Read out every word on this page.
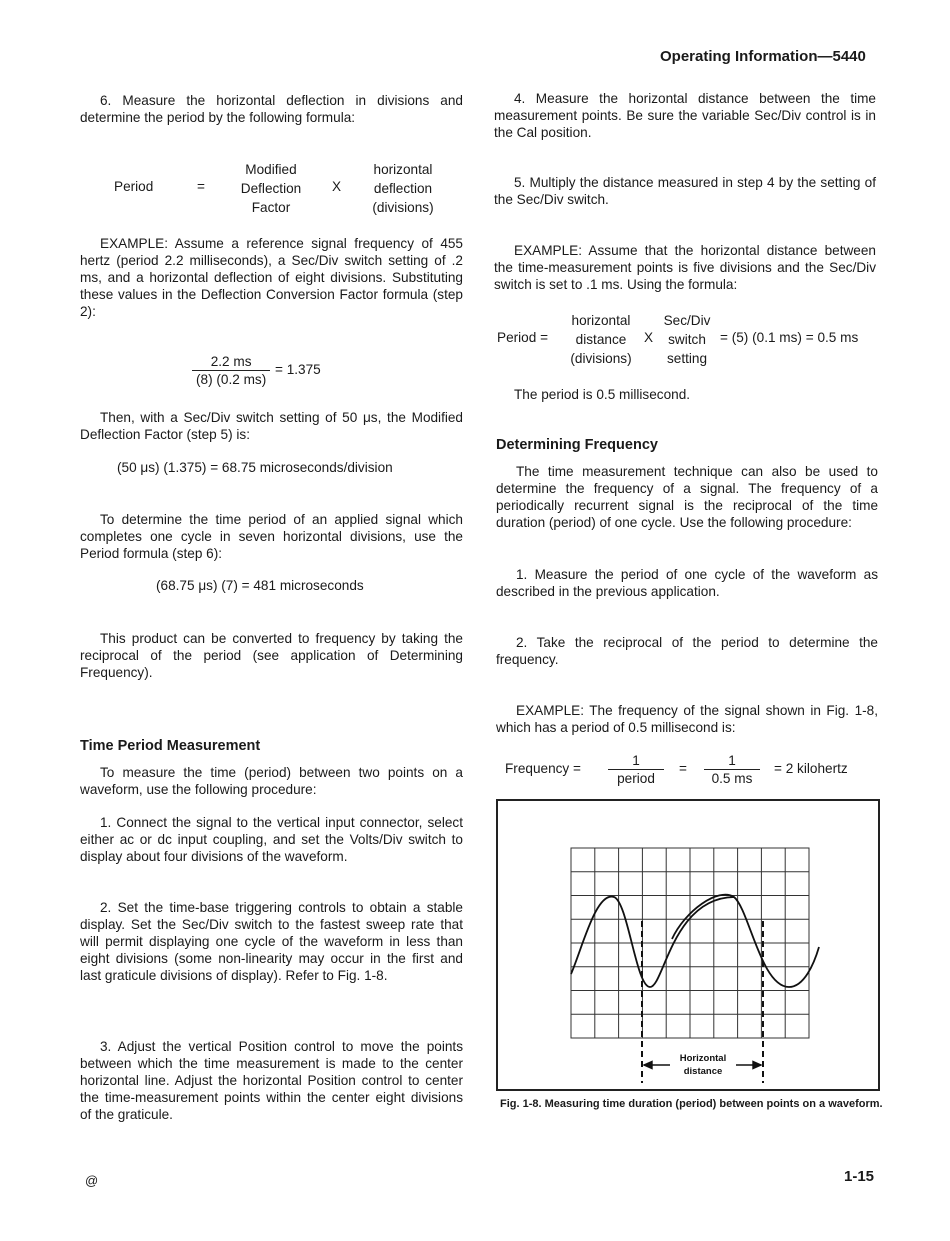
Operating Information—5440

6. Measure the horizontal deflection in divisions and determine the period by the following formula:

Period	=
Modified
Deflection
Factor
X
horizontal
deflection
(divisions)

EXAMPLE: Assume a reference signal frequency of 455 hertz (period 2.2 milliseconds), a Sec/Div switch setting of .2 ms, and a horizontal deflection of eight divisions. Substituting these values in the Deflection Conversion Factor formula (step 2):

$\frac{2.2 ms}{(8) (0.2 ms)} = 1.375$

Then, with a Sec/Div switch setting of 50 μs, the Modified Deflection Factor (step 5) is:

(50 μs) (1.375) = 68.75 microseconds/division

To determine the time period of an applied signal which completes one cycle in seven horizontal divisions, use the Period formula (step 6):

(68.75 μs) (7) = 481 microseconds

This product can be converted to frequency by taking the reciprocal of the period (see application of Determining Frequency).

Time Period Measurement

To measure the time (period) between two points on a waveform, use the following procedure:

1. Connect the signal to the vertical input connector, select either ac or dc input coupling, and set the Volts/Div switch to display about four divisions of the waveform.

2. Set the time-base triggering controls to obtain a stable display. Set the Sec/Div switch to the fastest sweep rate that will permit displaying one cycle of the waveform in less than eight divisions (some non-linearity may occur in the first and last graticule divisions of display). Refer to Fig. 1-8.

3. Adjust the vertical Position control to move the points between which the time measurement is made to the center horizontal line. Adjust the horizontal Position control to center the time-measurement points within the center eight divisions of the graticule.

4. Measure the horizontal distance between the time measurement points. Be sure the variable Sec/Div control is in the Cal position.

5. Multiply the distance measured in step 4 by the setting of the Sec/Div switch.

EXAMPLE: Assume that the horizontal distance between the time-measurement points is five divisions and the Sec/Div switch is set to .1 ms. Using the formula:

Period =
horizontal
distance
(divisions)
X
Sec/Div
switch
setting
= (5) (0.1 ms) = 0.5 ms

The period is 0.5 millisecond.

Determining Frequency

The time measurement technique can also be used to determine the frequency of a signal. The frequency of a periodically recurrent signal is the reciprocal of the time duration (period) of one cycle. Use the following procedure:

1. Measure the period of one cycle of the waveform as described in the previous application.

2. Take the reciprocal of the period to determine the frequency.

EXAMPLE: The frequency of the signal shown in Fig. 1-8, which has a period of 0.5 millisecond is:

Frequency =
1
period
= $\frac{1}{0.5 ms} = 2$ kilohertz
Horizontal
distance
Fig. 1-8. Measuring time duration (period) between points on a waveform.
@	1-15
